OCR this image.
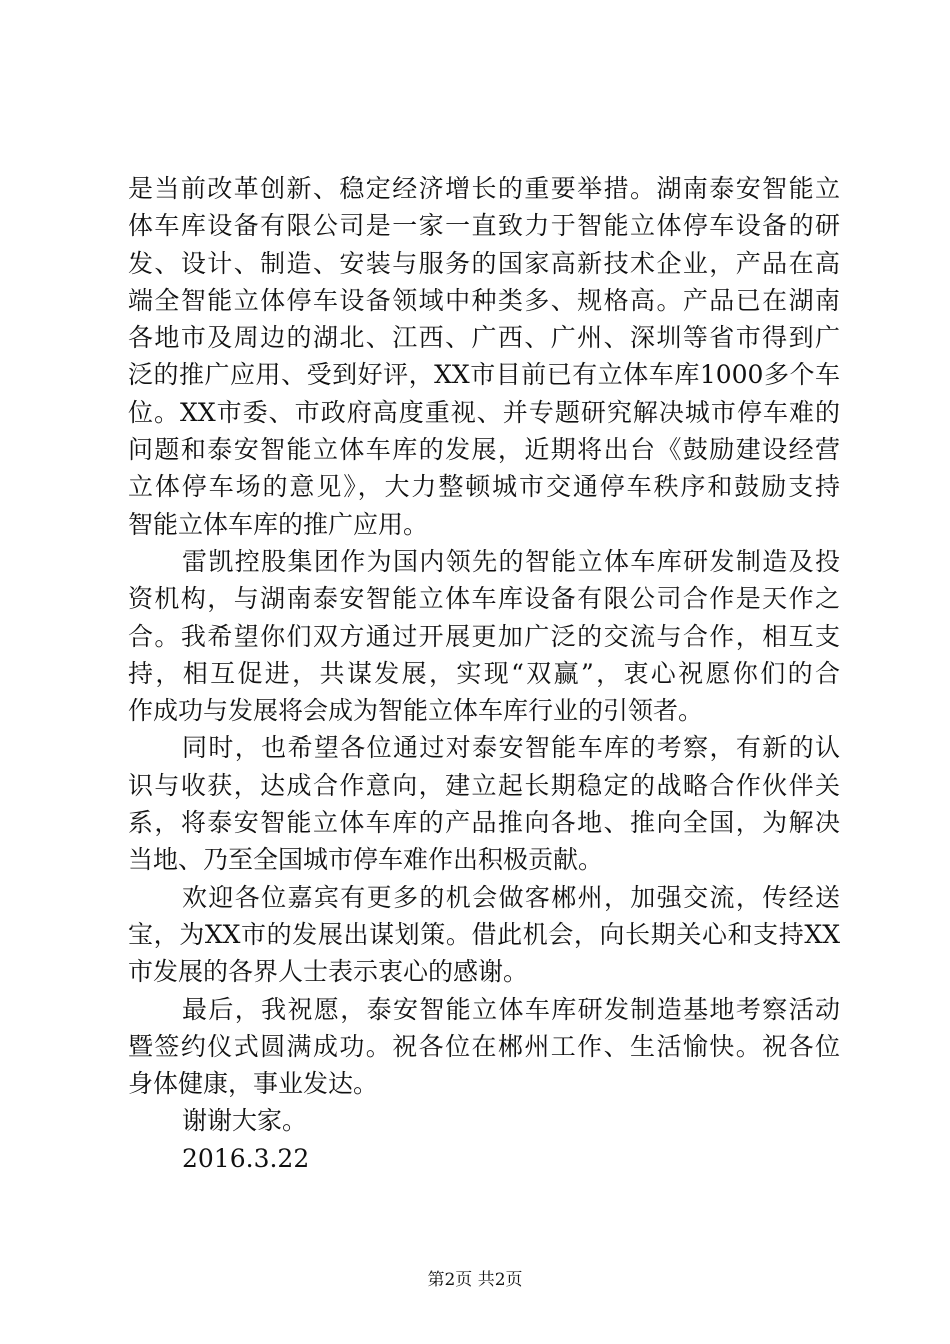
是当前改革创新、稳定经济增长的重要举措。湖南泰安智能立
体车库设备有限公司是一家一直致力于智能立体停车设备的研
发、设计、制造、安装与服务的国家高新技术企业，产品在高
端全智能立体停车设备领域中种类多、规格高。产品已在湖南
各地市及周边的湖北、江西、广西、广州、深圳等省市得到广
泛的推广应用、受到好评，XX市目前已有立体车库1000多个车
位。XX市委、市政府高度重视、并专题研究解决城市停车难的
问题和泰安智能立体车库的发展，近期将出台《鼓励建设经营
立体停车场的意见》，大力整顿城市交通停车秩序和鼓励支持
智能立体车库的推广应用。
雷凯控股集团作为国内领先的智能立体车库研发制造及投
资机构，与湖南泰安智能立体车库设备有限公司合作是天作之
合。我希望你们双方通过开展更加广泛的交流与合作，相互支
持，相互促进，共谋发展，实现“双赢”，衷心祝愿你们的合
作成功与发展将会成为智能立体车库行业的引领者。
同时，也希望各位通过对泰安智能车库的考察，有新的认
识与收获，达成合作意向，建立起长期稳定的战略合作伙伴关
系，将泰安智能立体车库的产品推向各地、推向全国，为解决
当地、乃至全国城市停车难作出积极贡献。
欢迎各位嘉宾有更多的机会做客郴州，加强交流，传经送
宝，为XX市的发展出谋划策。借此机会，向长期关心和支持XX
市发展的各界人士表示衷心的感谢。
最后，我祝愿，泰安智能立体车库研发制造基地考察活动
暨签约仪式圆满成功。祝各位在郴州工作、生活愉快。祝各位
身体健康，事业发达。
谢谢大家。
2016.3.22
第2页 共2页
